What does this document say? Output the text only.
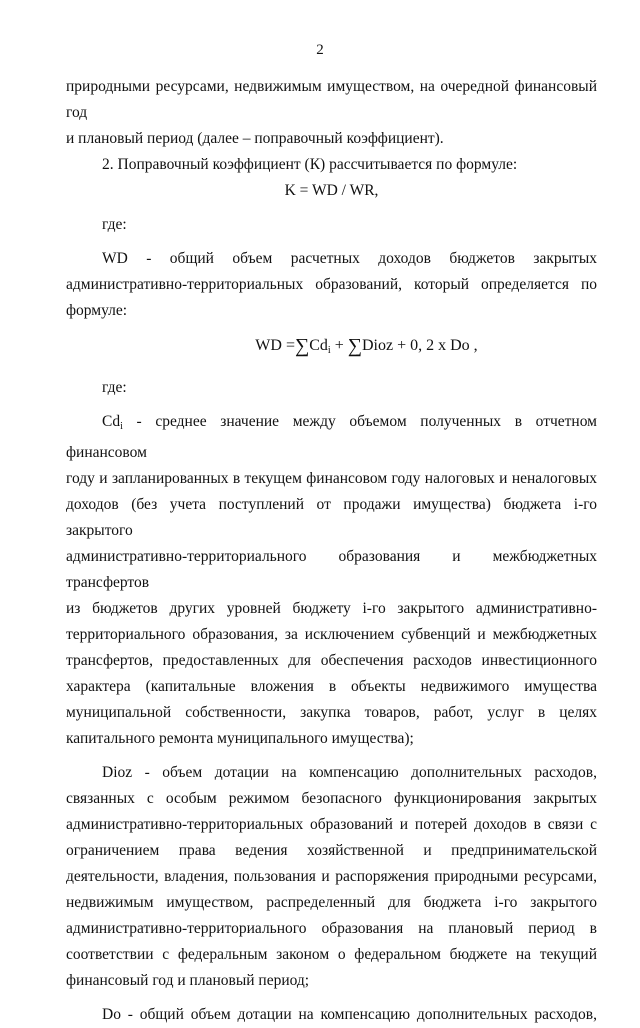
2

природными ресурсами, недвижимым имуществом, на очередной финансовый год

и плановый период (далее – поправочный коэффициент).

2. Поправочный коэффициент (К) рассчитывается по формуле:

K = WD / WR,

где:

WD - общий объем расчетных доходов бюджетов закрытых

административно-территориальных образований, который определяется по

формуле:

WD $=\sum Cd_i$ + ∑Dioz + 0, 2 x Do ,

где:

$Cd_i$ - среднее значение между объемом полученных в отчетном финансовом

году и запланированных в текущем финансовом году налоговых и неналоговых

доходов (без учета поступлений от продажи имущества) бюджета i-го закрытого

административно-территориального образования и межбюджетных трансфертов

из бюджетов других уровней бюджету i-го закрытого административно-

территориального образования, за исключением субвенций и межбюджетных

трансфертов, предоставленных для обеспечения расходов инвестиционного

характера (капитальные вложения в объекты недвижимого имущества

муниципальной собственности, закупка товаров, работ, услуг в целях

капитального ремонта муниципального имущества);

Dioz - объем дотации на компенсацию дополнительных расходов,

связанных с особым режимом безопасного функционирования закрытых

административно-территориальных образований и потерей доходов в связи с

ограничением права ведения хозяйственной и предпринимательской

деятельности, владения, пользования и распоряжения природными ресурсами,

недвижимым имуществом, распределенный для бюджета i-го закрытого

административно-территориального образования на плановый период в

соответствии с федеральным законом о федеральном бюджете на текущий

финансовый год и плановый период;

Do - общий объем дотации на компенсацию дополнительных расходов,
